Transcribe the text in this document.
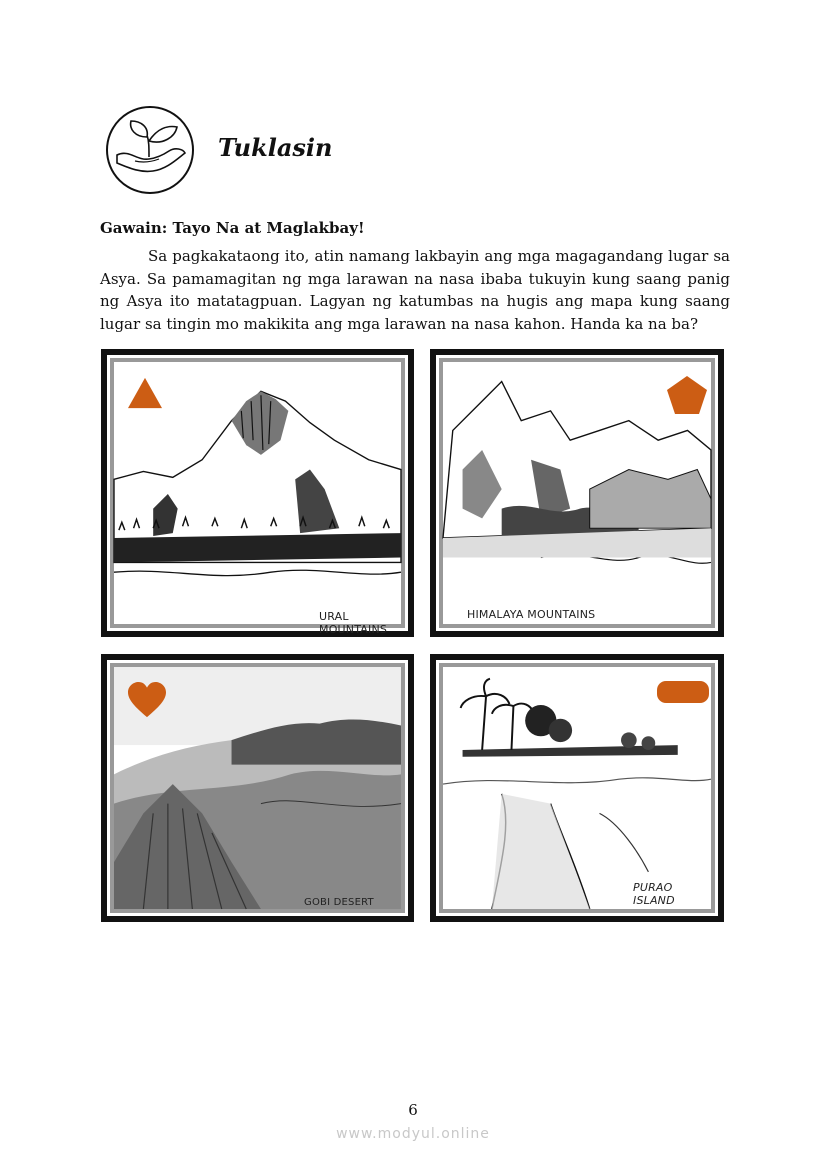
Tuklasin

Gawain: Tayo Na at Maglakbay!

Sa pagkakataong ito, atin namang lakbayin ang mga magagandang lugar sa Asya. Sa pamamagitan ng mga larawan na nasa ibaba tukuyin kung saang panig ng Asya ito matatagpuan. Lagyan ng katumbas na hugis ang mapa kung saang lugar sa tingin mo makikita ang mga larawan na nasa kahon. Handa ka na ba?

URAL MOUNTAINS
HIMALAYA MOUNTAINS
GOBI DESERT
PURAO ISLAND
6
www.modyul.online
